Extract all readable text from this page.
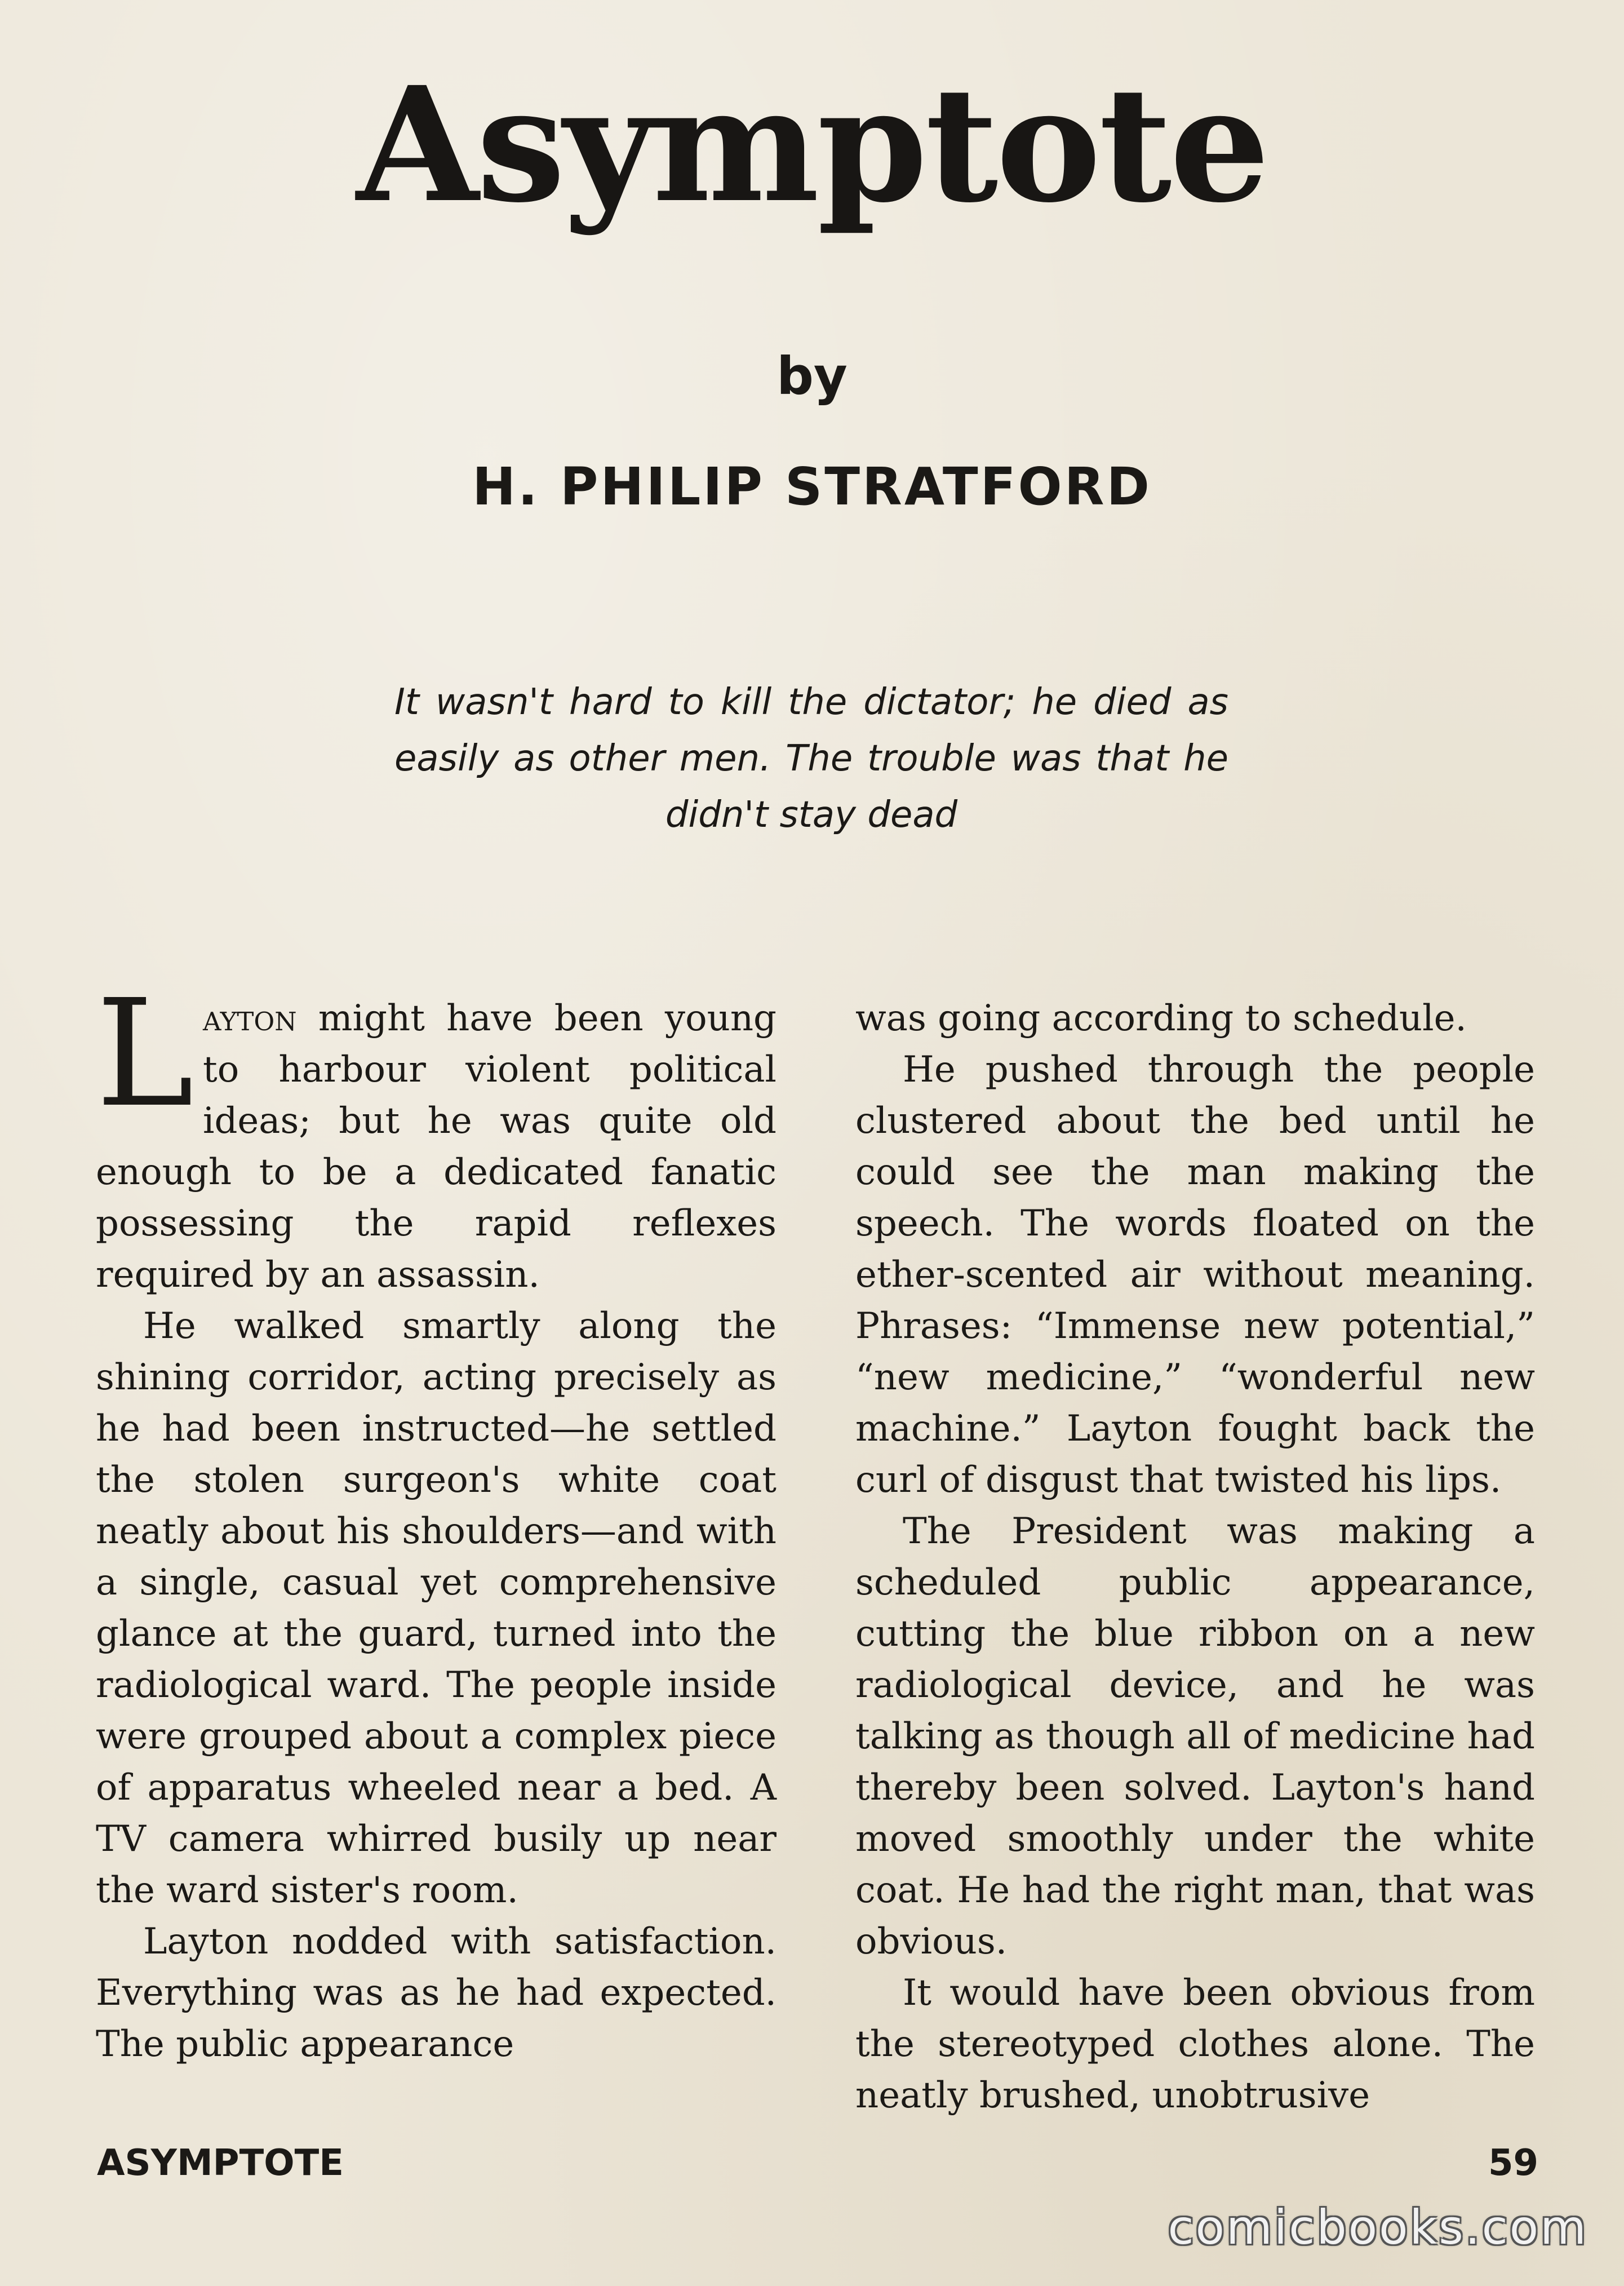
Asymptote
by
H. PHILIP STRATFORD

It wasn't hard to kill the dictator; he died as easily as other men. The trouble was that he didn't stay dead

Layton might have been young to harbour violent political ideas; but he was quite old enough to be a dedicated fanatic possessing the rapid reflexes required by an assassin.

He walked smartly along the shining corridor, acting precisely as he had been instructed—he settled the stolen surgeon's white coat neatly about his shoulders—and with a single, casual yet comprehensive glance at the guard, turned into the radiological ward. The people inside were grouped about a complex piece of apparatus wheeled near a bed. A TV camera whirred busily up near the ward sister's room.

Layton nodded with satisfaction. Everything was as he had expected. The public appearance

was going according to schedule.

He pushed through the people clustered about the bed until he could see the man making the speech. The words floated on the ether-scented air without meaning. Phrases: “Immense new potential,” “new medicine,” “wonderful new machine.” Layton fought back the curl of disgust that twisted his lips.

The President was making a scheduled public appearance, cutting the blue ribbon on a new radiological device, and he was talking as though all of medicine had thereby been solved. Layton's hand moved smoothly under the white coat. He had the right man, that was obvious.

It would have been obvious from the stereotyped clothes alone. The neatly brushed, unobtrusive

ASYMPTOTE	59
comicbooks.com
